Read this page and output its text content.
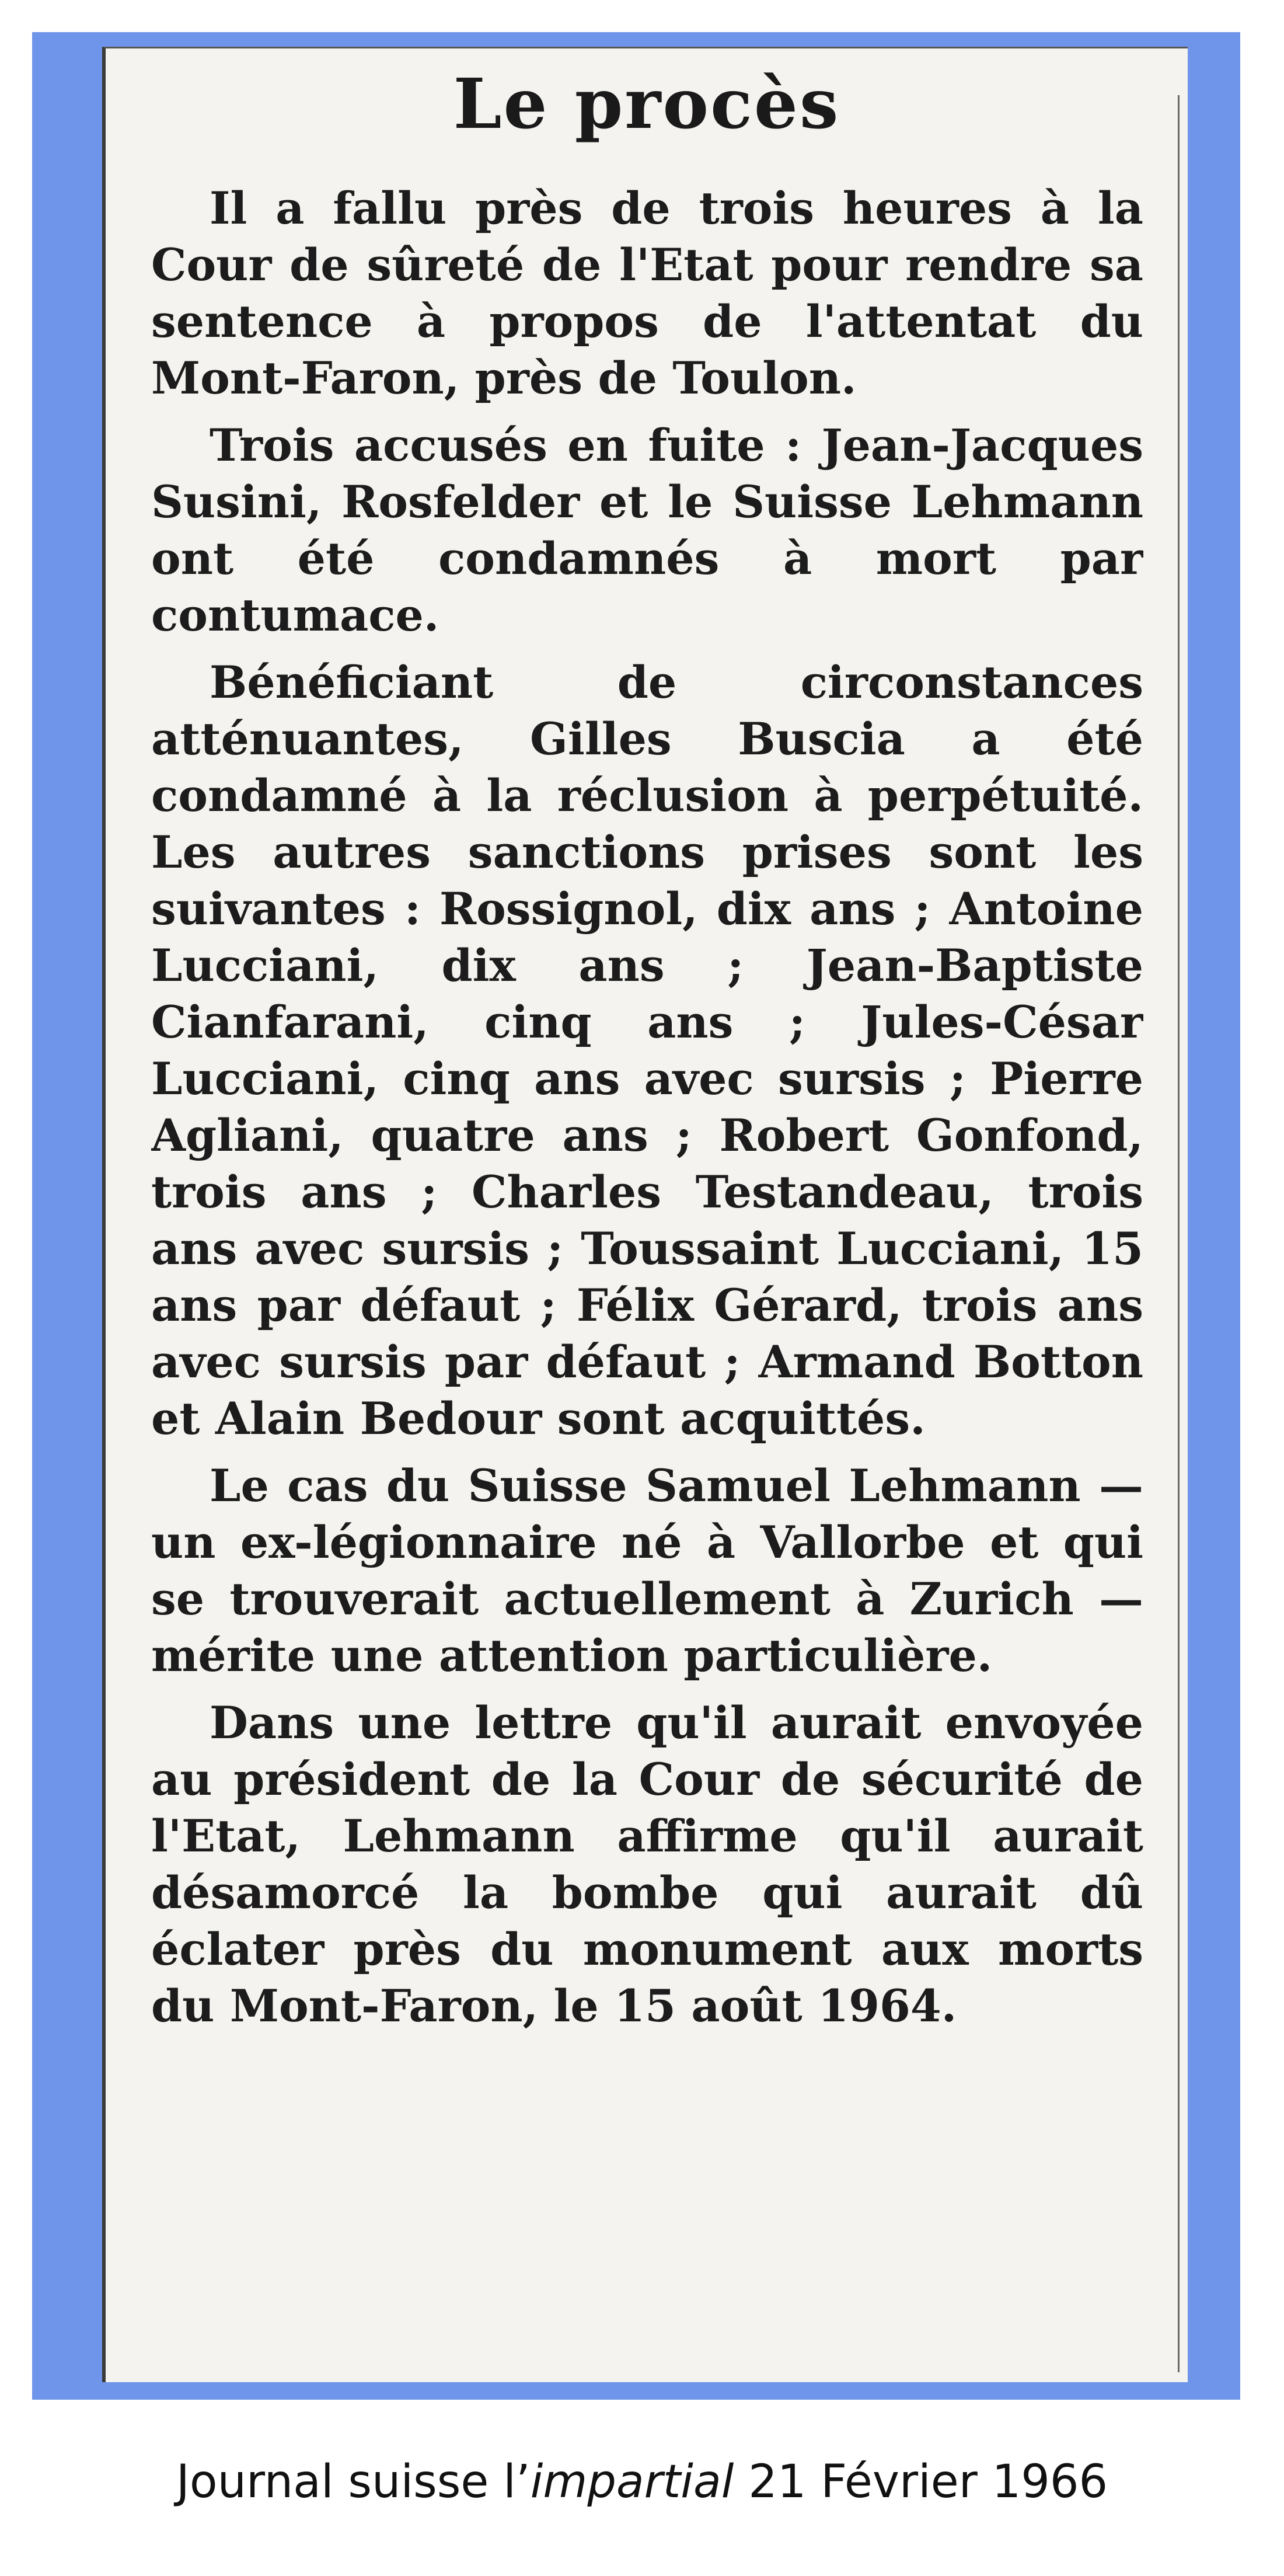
Le procès

Il a fallu près de trois heures à la Cour de sûreté de l'Etat pour rendre sa sentence à propos de l'attentat du Mont-Faron, près de Toulon.

Trois accusés en fuite : Jean-Jacques Susini, Rosfelder et le Suisse Lehmann ont été condamnés à mort par contumace.

Bénéficiant de circonstances atténuantes, Gilles Buscia a été condamné à la réclusion à perpétuité. Les autres sanctions prises sont les suivantes : Rossignol, dix ans ; Antoine Lucciani, dix ans ; Jean-Baptiste Cianfarani, cinq ans ; Jules-César Lucciani, cinq ans avec sursis ; Pierre Agliani, quatre ans ; Robert Gonfond, trois ans ; Charles Testandeau, trois ans avec sursis ; Toussaint Lucciani, 15 ans par défaut ; Félix Gérard, trois ans avec sursis par défaut ; Armand Botton et Alain Bedour sont acquittés.

Le cas du Suisse Samuel Lehmann — un ex-légionnaire né à Vallorbe et qui se trouverait actuellement à Zurich — mérite une attention particulière.

Dans une lettre qu'il aurait envoyée au président de la Cour de sécurité de l'Etat, Lehmann affirme qu'il aurait désamorcé la bombe qui aurait dû éclater près du monument aux morts du Mont-Faron, le 15 août 1964.

Journal suisse l’impartial 21 Février 1966
